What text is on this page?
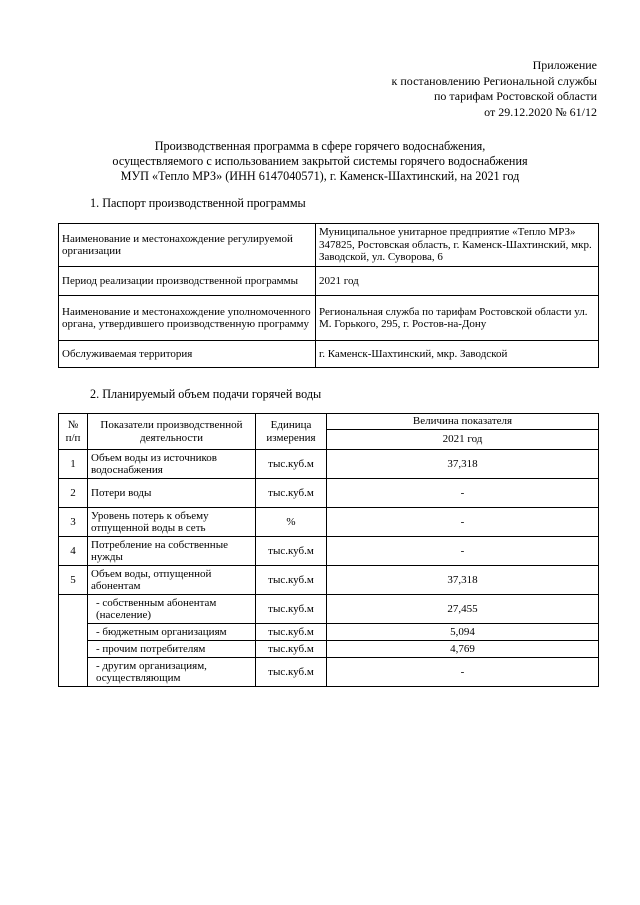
Приложение
к постановлению Региональной службы
по тарифам Ростовской области
от 29.12.2020 № 61/12
Производственная программа в сфере горячего водоснабжения,
осуществляемого с использованием закрытой системы горячего водоснабжения
МУП «Тепло МРЗ» (ИНН 6147040571), г. Каменск-Шахтинский, на 2021 год
1. Паспорт производственной программы
Наименование и местонахождение регулируемой организации	Муниципальное унитарное предприятие «Тепло МРЗ» 347825, Ростовская область, г. Каменск-Шахтинский, мкр. Заводской, ул. Суворова, 6
Период реализации производственной программы	2021 год
Наименование и местонахождение уполномоченного органа, утвердившего производственную программу	Региональная служба по тарифам Ростовской области ул. М. Горького, 295, г. Ростов-на-Дону
Обслуживаемая территория	г. Каменск-Шахтинский, мкр. Заводской
2. Планируемый объем подачи горячей воды
№ п/п	Показатели производственной деятельности	Единица измерения	Величина показателя
			2021 год
1	Объем воды из источников водоснабжения	тыс.куб.м	37,318
2	Потери воды	тыс.куб.м	-
3	Уровень потерь к объему отпущенной воды в сеть	%	-
4	Потребление на собственные нужды	тыс.куб.м	-
5	Объем воды, отпущенной абонентам	тыс.куб.м	37,318
	- собственным абонентам (население)	тыс.куб.м	27,455
	- бюджетным организациям	тыс.куб.м	5,094
	- прочим потребителям	тыс.куб.м	4,769
	- другим организациям, осуществляющим	тыс.куб.м	-
